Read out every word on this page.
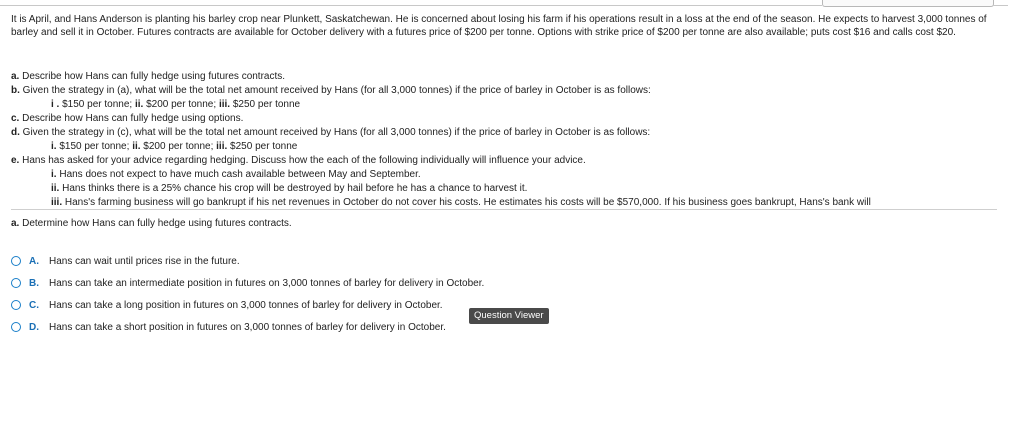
It is April, and Hans Anderson is planting his barley crop near Plunkett, Saskatchewan. He is concerned about losing his farm if his operations result in a loss at the end of the season. He expects to harvest 3,000 tonnes of barley and sell it in October. Futures contracts are available for October delivery with a futures price of $200 per tonne. Options with strike price of $200 per tonne are also available; puts cost $16 and calls cost $20.
a. Describe how Hans can fully hedge using futures contracts.
b. Given the strategy in (a), what will be the total net amount received by Hans (for all 3,000 tonnes) if the price of barley in October is as follows:
i . $150 per tonne; ii. $200 per tonne; iii. $250 per tonne
c. Describe how Hans can fully hedge using options.
d. Given the strategy in (c), what will be the total net amount received by Hans (for all 3,000 tonnes) if the price of barley in October is as follows:
i. $150 per tonne; ii. $200 per tonne; iii. $250 per tonne
e. Hans has asked for your advice regarding hedging. Discuss how the each of the following individually will influence your advice.
i. Hans does not expect to have much cash available between May and September.
ii. Hans thinks there is a 25% chance his crop will be destroyed by hail before he has a chance to harvest it.
iii. Hans's farming business will go bankrupt if his net revenues in October do not cover his costs. He estimates his costs will be $570,000. If his business goes bankrupt, Hans's bank will
a. Determine how Hans can fully hedge using futures contracts.
A.	Hans can wait until prices rise in the future.
B.	Hans can take an intermediate position in futures on 3,000 tonnes of barley for delivery in October.
C.	Hans can take a long position in futures on 3,000 tonnes of barley for delivery in October.
D.	Hans can take a short position in futures on 3,000 tonnes of barley for delivery in October.
Question Viewer
